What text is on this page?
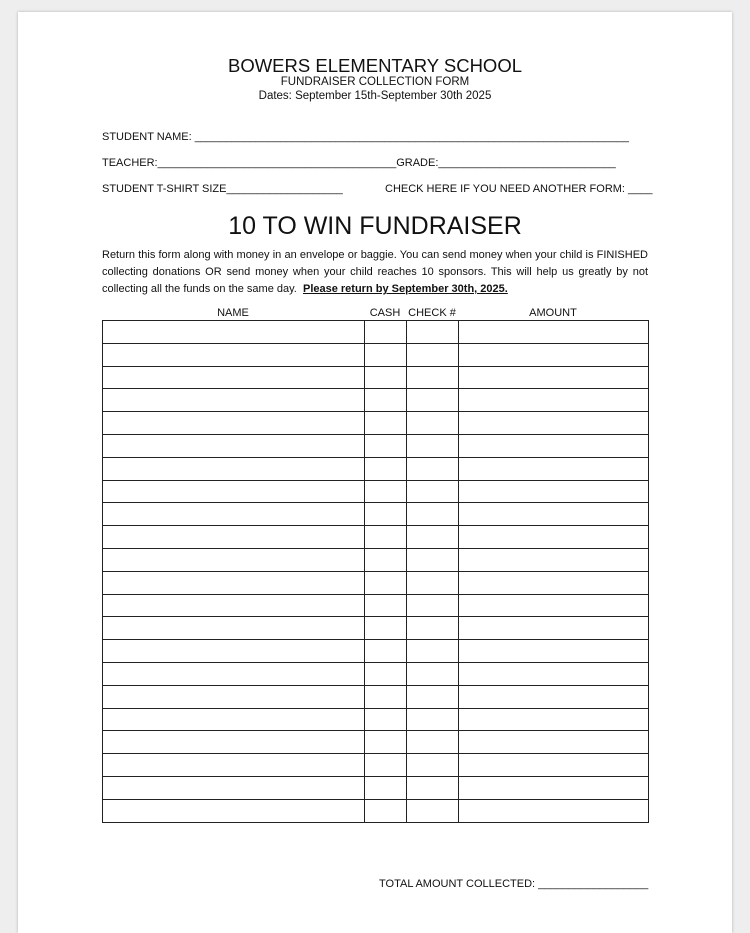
BOWERS ELEMENTARY SCHOOL
FUNDRAISER COLLECTION FORM
Dates: September 15th-September 30th 2025
STUDENT NAME: _______________________________________________________________________
TEACHER:_______________________________________GRADE:_____________________________
STUDENT T-SHIRT SIZE___________________	CHECK HERE IF YOU NEED ANOTHER FORM: ____
10 TO WIN FUNDRAISER
Return this form along with money in an envelope or baggie. You can send money when your child is FINISHED collecting donations OR send money when your child reaches 10 sponsors. This will help us greatly by not collecting all the funds on the same day. Please return by September 30th, 2025.
NAME	CASH CHECK #	AMOUNT

TOTAL AMOUNT COLLECTED: __________________
